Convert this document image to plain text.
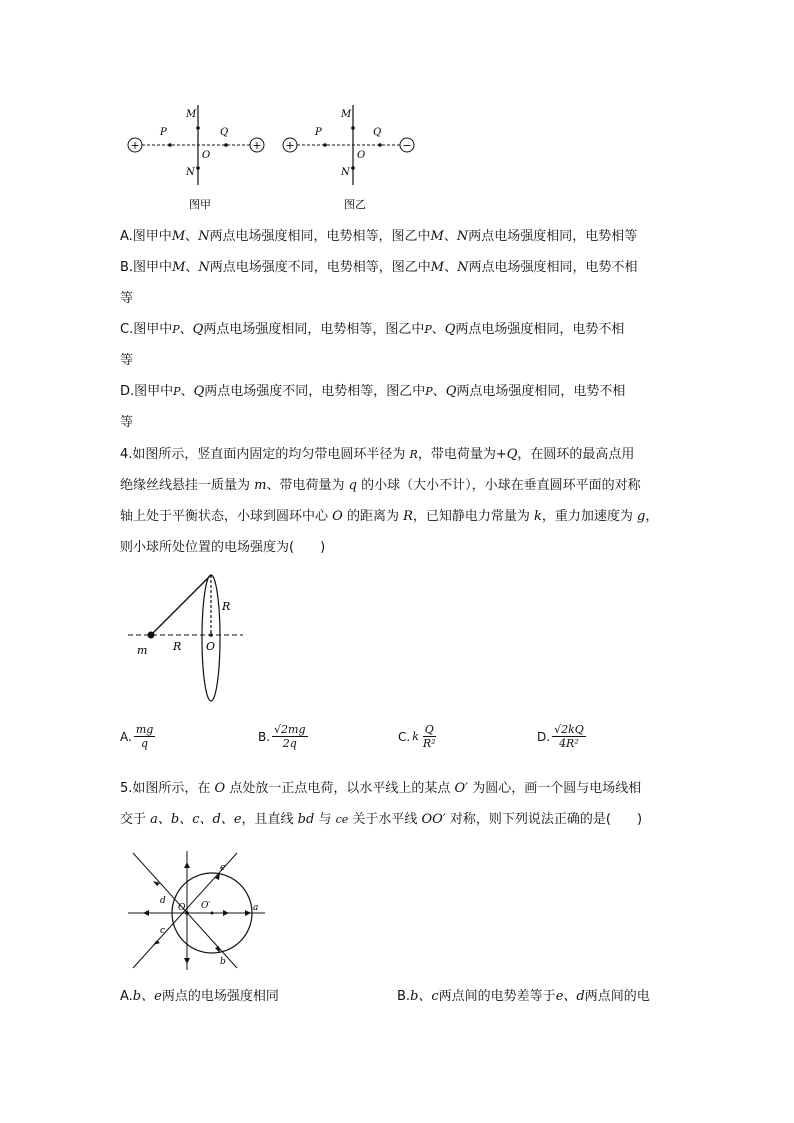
+	+
M
N
P	Q
O
图甲
+	−
M
N
P	Q
O
图乙
A.图甲中M、N两点电场强度相同，电势相等，图乙中M、N两点电场强度相同，电势相等
B.图甲中M、N两点电场强度不同，电势相等，图乙中M、N两点电场强度相同，电势不相
等
C.图甲中P、Q两点电场强度相同，电势相等，图乙中P、Q两点电场强度相同，电势不相
等
D.图甲中P、Q两点电场强度不同，电势相等，图乙中P、Q两点电场强度相同，电势不相
等
4.如图所示，竖直面内固定的均匀带电圆环半径为 R，带电荷量为+Q，在圆环的最高点用
绝缘丝线悬挂一质量为 m、带电荷量为 q 的小球（大小不计），小球在垂直圆环平面的对称
轴上处于平衡状态，小球到圆环中心 O 的距离为 R，已知静电力常量为 k，重力加速度为 g，
则小球所处位置的电场强度为(　　)
R
R O
m
A. $\frac{mg}{q}$	B. $\frac{√2mg}{2q}$	C. k $\frac{Q}{\text{R²}}$	D. $\frac{√2kQ}{\text{4R²}}$
5.如图所示，在 O 点处放一正点电荷，以水平线上的某点 O′ 为圆心，画一个圆与电场线相
交于 a、b、c、d、e，且直线 bd 与 ce 关于水平线 OO′ 对称，则下列说法正确的是(　　)
e
a
b
c
d
O O′
A.b、e两点的电场强度相同	B.b、c两点间的电势差等于e、d两点间的电
